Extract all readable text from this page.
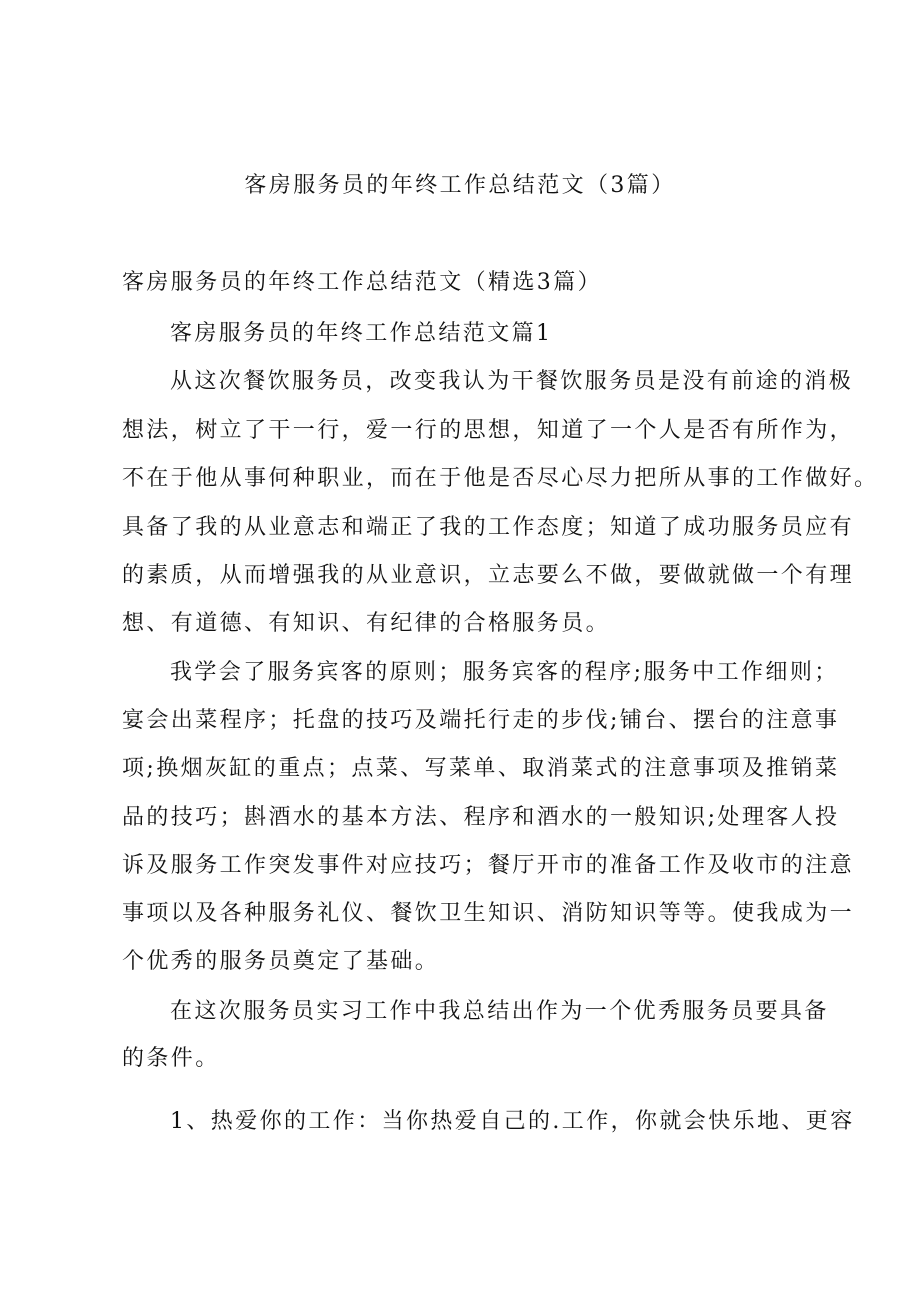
客房服务员的年终工作总结范文（3篇）
客房服务员的年终工作总结范文（精选3篇）
客房服务员的年终工作总结范文篇1
从这次餐饮服务员，改变我认为干餐饮服务员是没有前途的消极
想法，树立了干一行，爱一行的思想，知道了一个人是否有所作为，
不在于他从事何种职业，而在于他是否尽心尽力把所从事的工作做好。
具备了我的从业意志和端正了我的工作态度；知道了成功服务员应有
的素质，从而增强我的从业意识，立志要么不做，要做就做一个有理
想、有道德、有知识、有纪律的合格服务员。
我学会了服务宾客的原则；服务宾客的程序;服务中工作细则；
宴会出菜程序；托盘的技巧及端托行走的步伐;铺台、摆台的注意事
项;换烟灰缸的重点；点菜、写菜单、取消菜式的注意事项及推销菜
品的技巧；斟酒水的基本方法、程序和酒水的一般知识;处理客人投
诉及服务工作突发事件对应技巧；餐厅开市的准备工作及收市的注意
事项以及各种服务礼仪、餐饮卫生知识、消防知识等等。使我成为一
个优秀的服务员奠定了基础。
在这次服务员实习工作中我总结出作为一个优秀服务员要具备
的条件。
1、热爱你的工作：当你热爱自己的.工作，你就会快乐地、更容
